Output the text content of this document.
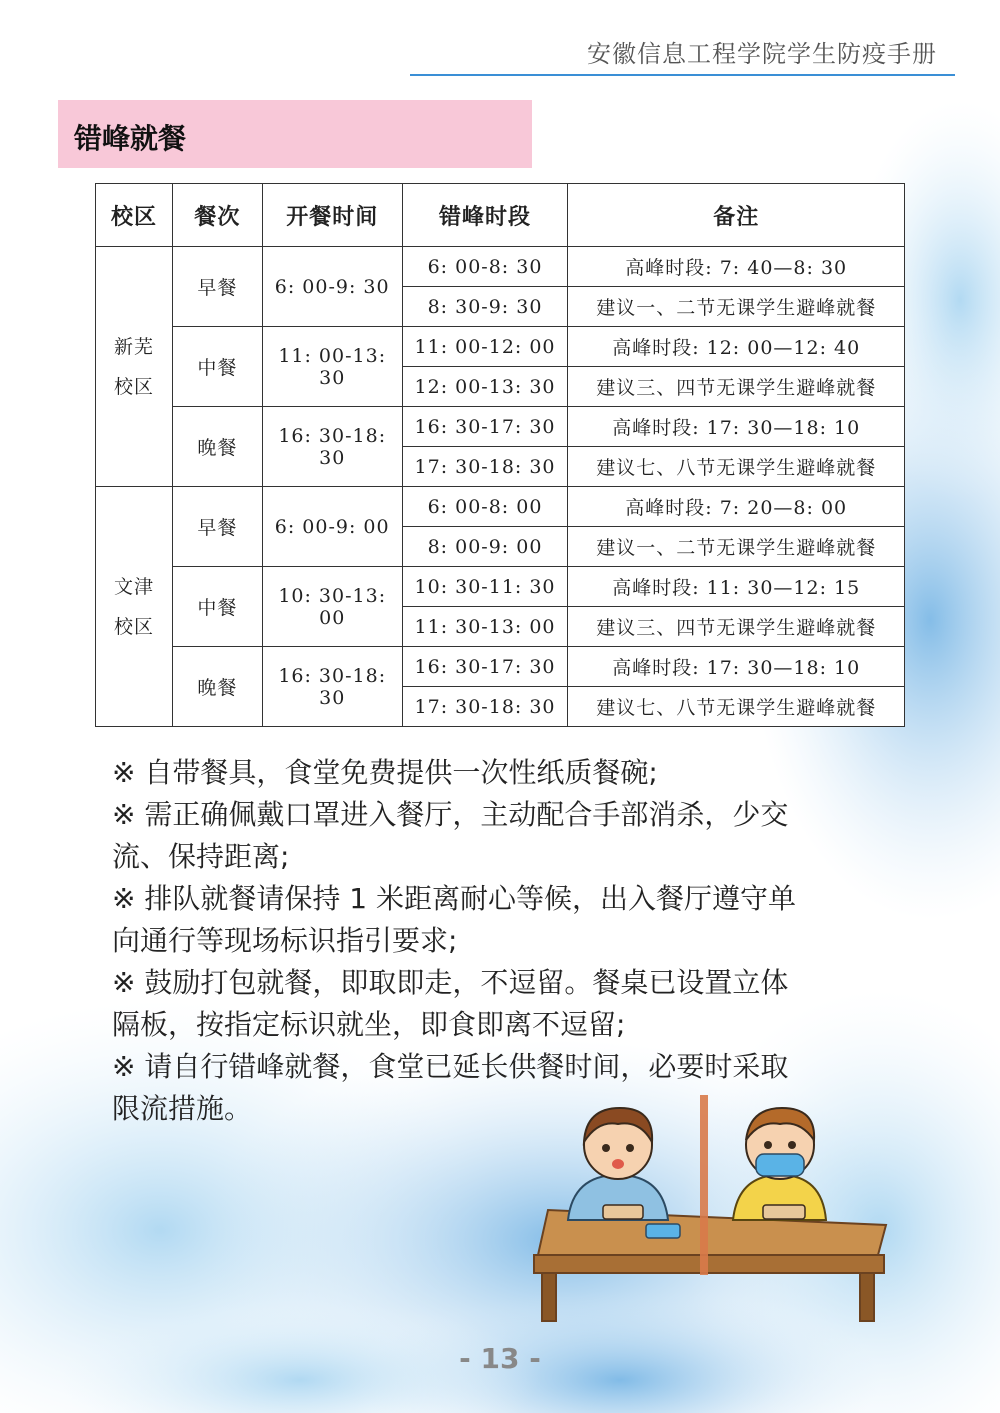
安徽信息工程学院学生防疫手册
错峰就餐
校区	餐次	开餐时间	错峰时段	备注
新芜
校区	早餐	6: 00-9: 30	6: 00-8: 30	高峰时段: 7: 40—8: 30
			8: 30-9: 30	建议一、二节无课学生避峰就餐
	中餐	11: 00-13: 30	11: 00-12: 00	高峰时段: 12: 00—12: 40
			12: 00-13: 30	建议三、四节无课学生避峰就餐
	晚餐	16: 30-18: 30	16: 30-17: 30	高峰时段: 17: 30—18: 10
			17: 30-18: 30	建议七、八节无课学生避峰就餐
文津
校区	早餐	6: 00-9: 00	6: 00-8: 00	高峰时段: 7: 20—8: 00
			8: 00-9: 00	建议一、二节无课学生避峰就餐
	中餐	10: 30-13: 00	10: 30-11: 30	高峰时段: 11: 30—12: 15
			11: 30-13: 00	建议三、四节无课学生避峰就餐
	晚餐	16: 30-18: 30	16: 30-17: 30	高峰时段: 17: 30—18: 10
			17: 30-18: 30	建议七、八节无课学生避峰就餐

※ 自带餐具，食堂免费提供一次性纸质餐碗;

※ 需正确佩戴口罩进入餐厅，主动配合手部消杀，少交

流、保持距离;

※ 排队就餐请保持 1 米距离耐心等候，出入餐厅遵守单

向通行等现场标识指引要求;

※ 鼓励打包就餐，即取即走，不逗留。餐桌已设置立体

隔板，按指定标识就坐，即食即离不逗留;

※ 请自行错峰就餐，食堂已延长供餐时间，必要时采取

限流措施。

- 13 -
